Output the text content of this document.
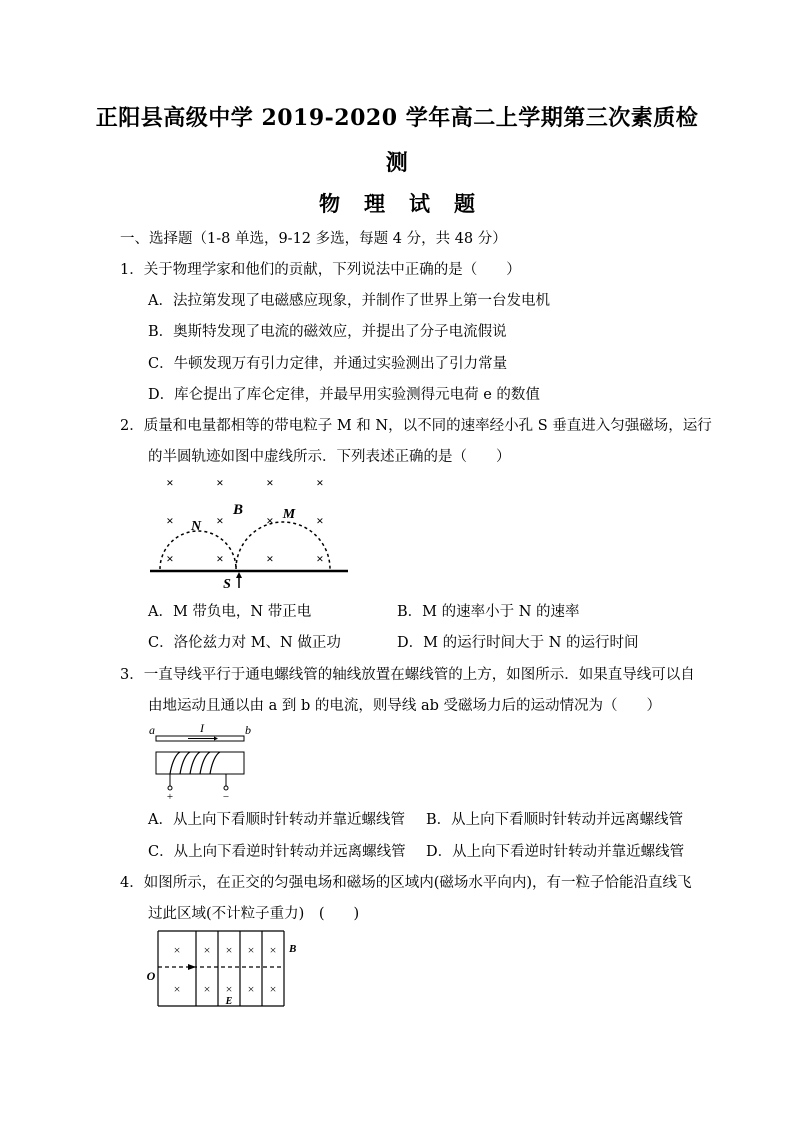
正阳县高级中学 2019-2020 学年高二上学期第三次素质检
测
物 理 试 题
一、选择题（1-8 单选，9-12 多选，每题 4 分，共 48 分）
1．关于物理学家和他们的贡献，下列说法中正确的是（　　）
A．法拉第发现了电磁感应现象，并制作了世界上第一台发电机
B．奥斯特发现了电流的磁效应，并提出了分子电流假说
C．牛顿发现万有引力定律，并通过实验测出了引力常量
D．库仑提出了库仑定律，并最早用实验测得元电荷 e 的数值
2．质量和电量都相等的带电粒子 M 和 N，以不同的速率经小孔 S 垂直进入匀强磁场，运行
的半圆轨迹如图中虚线所示．下列表述正确的是（　　）
×	×	×	×
×	×	×	×
×	×	×	×
B
N
M
S
A．M 带负电，N 带正电	B．M 的速率小于 N 的速率
C．洛伦兹力对 M、N 做正功	D．M 的运行时间大于 N 的运行时间
3．一直导线平行于通电螺线管的轴线放置在螺线管的上方，如图所示．如果直导线可以自
由地运动且通以由 a 到 b 的电流，则导线 ab 受磁场力后的运动情况为（　　）
a	b
I
+	−
A．从上向下看顺时针转动并靠近螺线管 B．从上向下看顺时针转动并远离螺线管
C．从上向下看逆时针转动并远离螺线管 D．从上向下看逆时针转动并靠近螺线管
4．如图所示，在正交的匀强电场和磁场的区域内(磁场水平向内)，有一粒子恰能沿直线飞
过此区域(不计粒子重力)　(　　)
× × × × ×
× × × × ×
O
B
E
